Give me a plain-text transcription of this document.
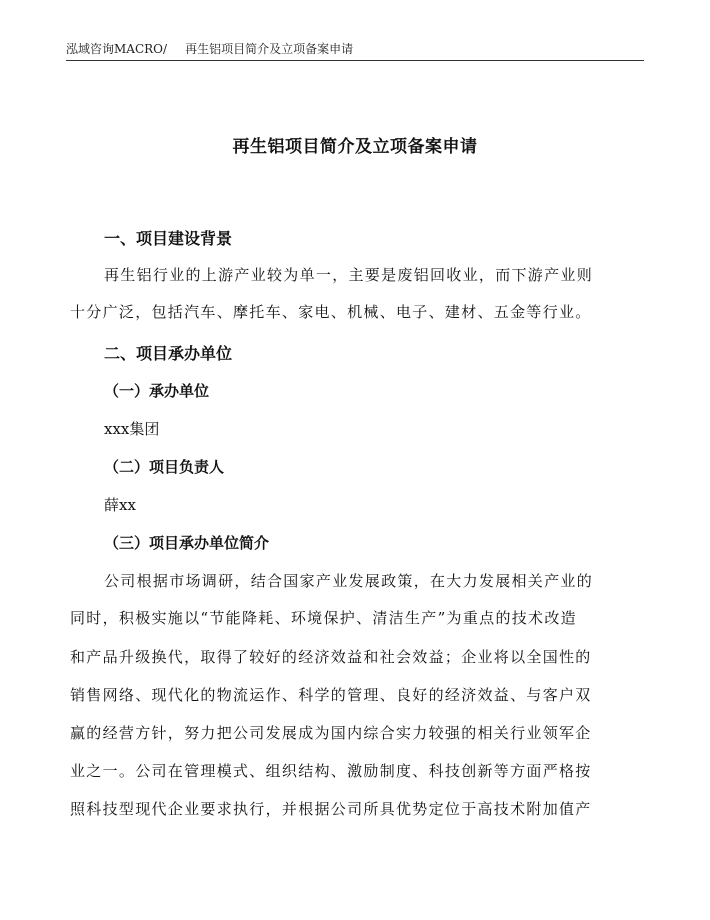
泓域咨询MACRO/ 再生铝项目简介及立项备案申请
再生铝项目简介及立项备案申请
一、项目建设背景
再生铝行业的上游产业较为单一，主要是废铝回收业，而下游产业则
十分广泛，包括汽车、摩托车、家电、机械、电子、建材、五金等行业。
二、项目承办单位
（一）承办单位
xxx集团
（二）项目负责人
薛xx
（三）项目承办单位简介
公司根据市场调研，结合国家产业发展政策，在大力发展相关产业的
同时，积极实施以“节能降耗、环境保护、清洁生产”为重点的技术改造
和产品升级换代，取得了较好的经济效益和社会效益；企业将以全国性的
销售网络、现代化的物流运作、科学的管理、良好的经济效益、与客户双
赢的经营方针，努力把公司发展成为国内综合实力较强的相关行业领军企
业之一。公司在管理模式、组织结构、激励制度、科技创新等方面严格按
照科技型现代企业要求执行，并根据公司所具优势定位于高技术附加值产
